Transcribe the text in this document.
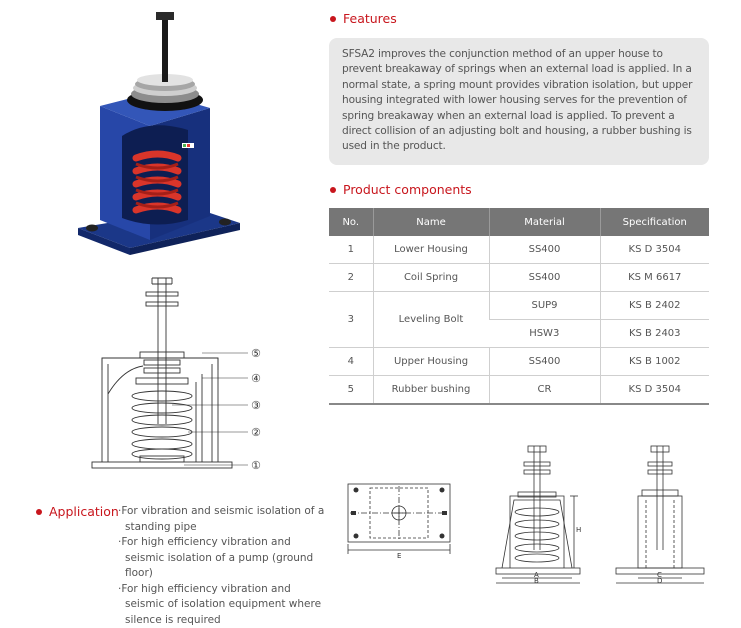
⑤
④
③
②
①
Features
SFSA2 improves the conjunction method of an upper house to prevent breakaway of springs when an external load is applied. In a normal state, a spring mount provides vibration isolation, but upper housing integrated with lower housing serves for the prevention of spring breakaway when an external load is applied. To prevent a direct collision of an adjusting bolt and housing, a rubber bushing is used in the product.
Product components
No.	Name	Material	Specification
1	Lower Housing	SS400	KS D 3504
2	Coil Spring	SS400	KS M 6617
3	Leveling Bolt	SUP9	KS B 2402
		HSW3	KS B 2403
4	Upper Housing	SS400	KS B 1002
5	Rubber bushing	CR	KS D 3504
Application ·For vibration and seismic isolation of a standing pipe
·For high efficiency vibration and seismic isolation of a pump (ground floor)
·For high efficiency vibration and seismic of isolation equipment where silence is required
E
H
A
B
C
D
